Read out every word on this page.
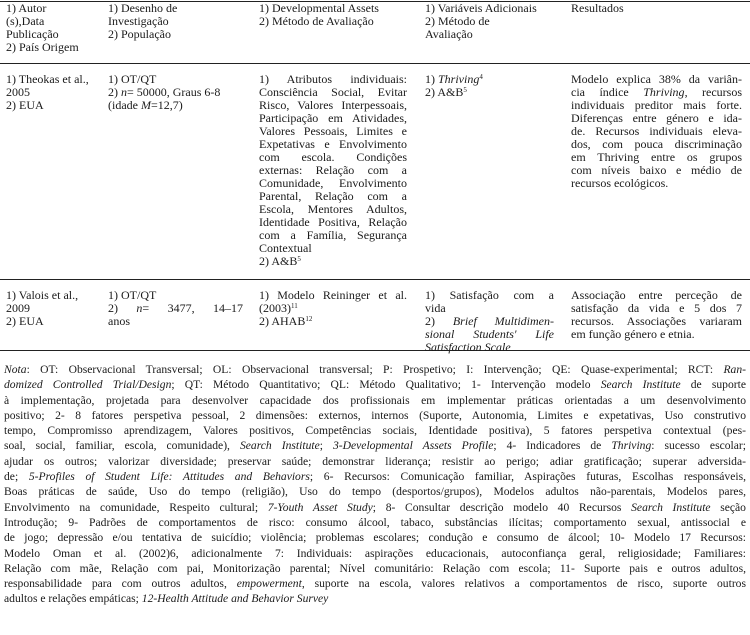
1) Autor
(s),Data
Publicação
2) País Origem
1) Desenho de
Investigação
2) População
1) Developmental Assets
2) Método de Avaliação
1) Variáveis Adicionais
2) Método de
Avaliação
Resultados
1) Theokas et al.,
2005
2) EUA
1) OT/QT
2) n= 50000, Graus 6-8
(idade M=12,7)
1) Atributos individuais:
Consciência Social, Evitar
Risco, Valores Interpessoais,
Participação em Atividades,
Valores Pessoais, Limites e
Expetativas e Envolvimento
com escola. Condições
externas: Relação com a
Comunidade, Envolvimento
Parental, Relação com a
Escola, Mentores Adultos,
Identidade Positiva, Relação
com a Família, Segurança
Contextual
2) $A\&B^5$
1) Thriving$^4$
2) $A\&B^5$
Modelo explica 38% da variân-
cia índice Thriving, recursos
individuais preditor mais forte.
Diferenças entre género e ida-
de. Recursos individuais eleva-
dos, com pouca discriminação
em Thriving entre os grupos
com níveis baixo e médio de
recursos ecológicos.
1) Valois et al.,
2009
2) EUA
1) OT/QT
2) n= 3477, 14–17
anos
1) Modelo Reininger et al.
$(2003)^{11}$
2) AHAB$^{12}$
1) Satisfação com a
vida
2) Brief Multidimen-
sional Students' Life
Satisfaction Scale
Associação entre perceção de
satisfação da vida e 5 dos 7
recursos. Associações variaram
em função género e etnia.
Nota: OT: Observacional Transversal; OL: Observacional transversal; P: Prospetivo; I: Intervenção; QE: Quase-experimental; RCT: Ran-
domized Controlled Trial/Design; QT: Método Quantitativo; QL: Método Qualitativo; 1- Intervenção modelo Search Institute de suporte
à implementação, projetada para desenvolver capacidade dos profissionais em implementar práticas orientadas a um desenvolvimento
positivo; 2- 8 fatores perspetiva pessoal, 2 dimensões: externos, internos (Suporte, Autonomia, Limites e expetativas, Uso construtivo
tempo, Compromisso aprendizagem, Valores positivos, Competências sociais, Identidade positiva), 5 fatores perspetiva contextual (pes-
soal, social, familiar, escola, comunidade), Search Institute; 3-Developmental Assets Profile; 4- Indicadores de Thriving: sucesso escolar;
ajudar os outros; valorizar diversidade; preservar saúde; demonstrar liderança; resistir ao perigo; adiar gratificação; superar adversida-
de; 5-Profiles of Student Life: Attitudes and Behaviors; 6- Recursos: Comunicação familiar, Aspirações futuras, Escolhas responsáveis,
Boas práticas de saúde, Uso do tempo (religião), Uso do tempo (desportos/grupos), Modelos adultos não-parentais, Modelos pares,
Envolvimento na comunidade, Respeito cultural; 7-Youth Asset Study; 8- Consultar descrição modelo 40 Recursos Search Institute seção
Introdução; 9- Padrões de comportamentos de risco: consumo álcool, tabaco, substâncias ilícitas; comportamento sexual, antissocial e
de jogo; depressão e/ou tentativa de suicídio; violência; problemas escolares; condução e consumo de álcool; 10- Modelo 17 Recursos:
Modelo Oman et al. (2002)6, adicionalmente 7: Individuais: aspirações educacionais, autoconfiança geral, religiosidade; Familiares:
Relação com mãe, Relação com pai, Monitorização parental; Nível comunitário: Relação com escola; 11- Suporte pais e outros adultos,
responsabilidade para com outros adultos, empowerment, suporte na escola, valores relativos a comportamentos de risco, suporte outros
adultos e relações empáticas; 12-Health Attitude and Behavior Survey
